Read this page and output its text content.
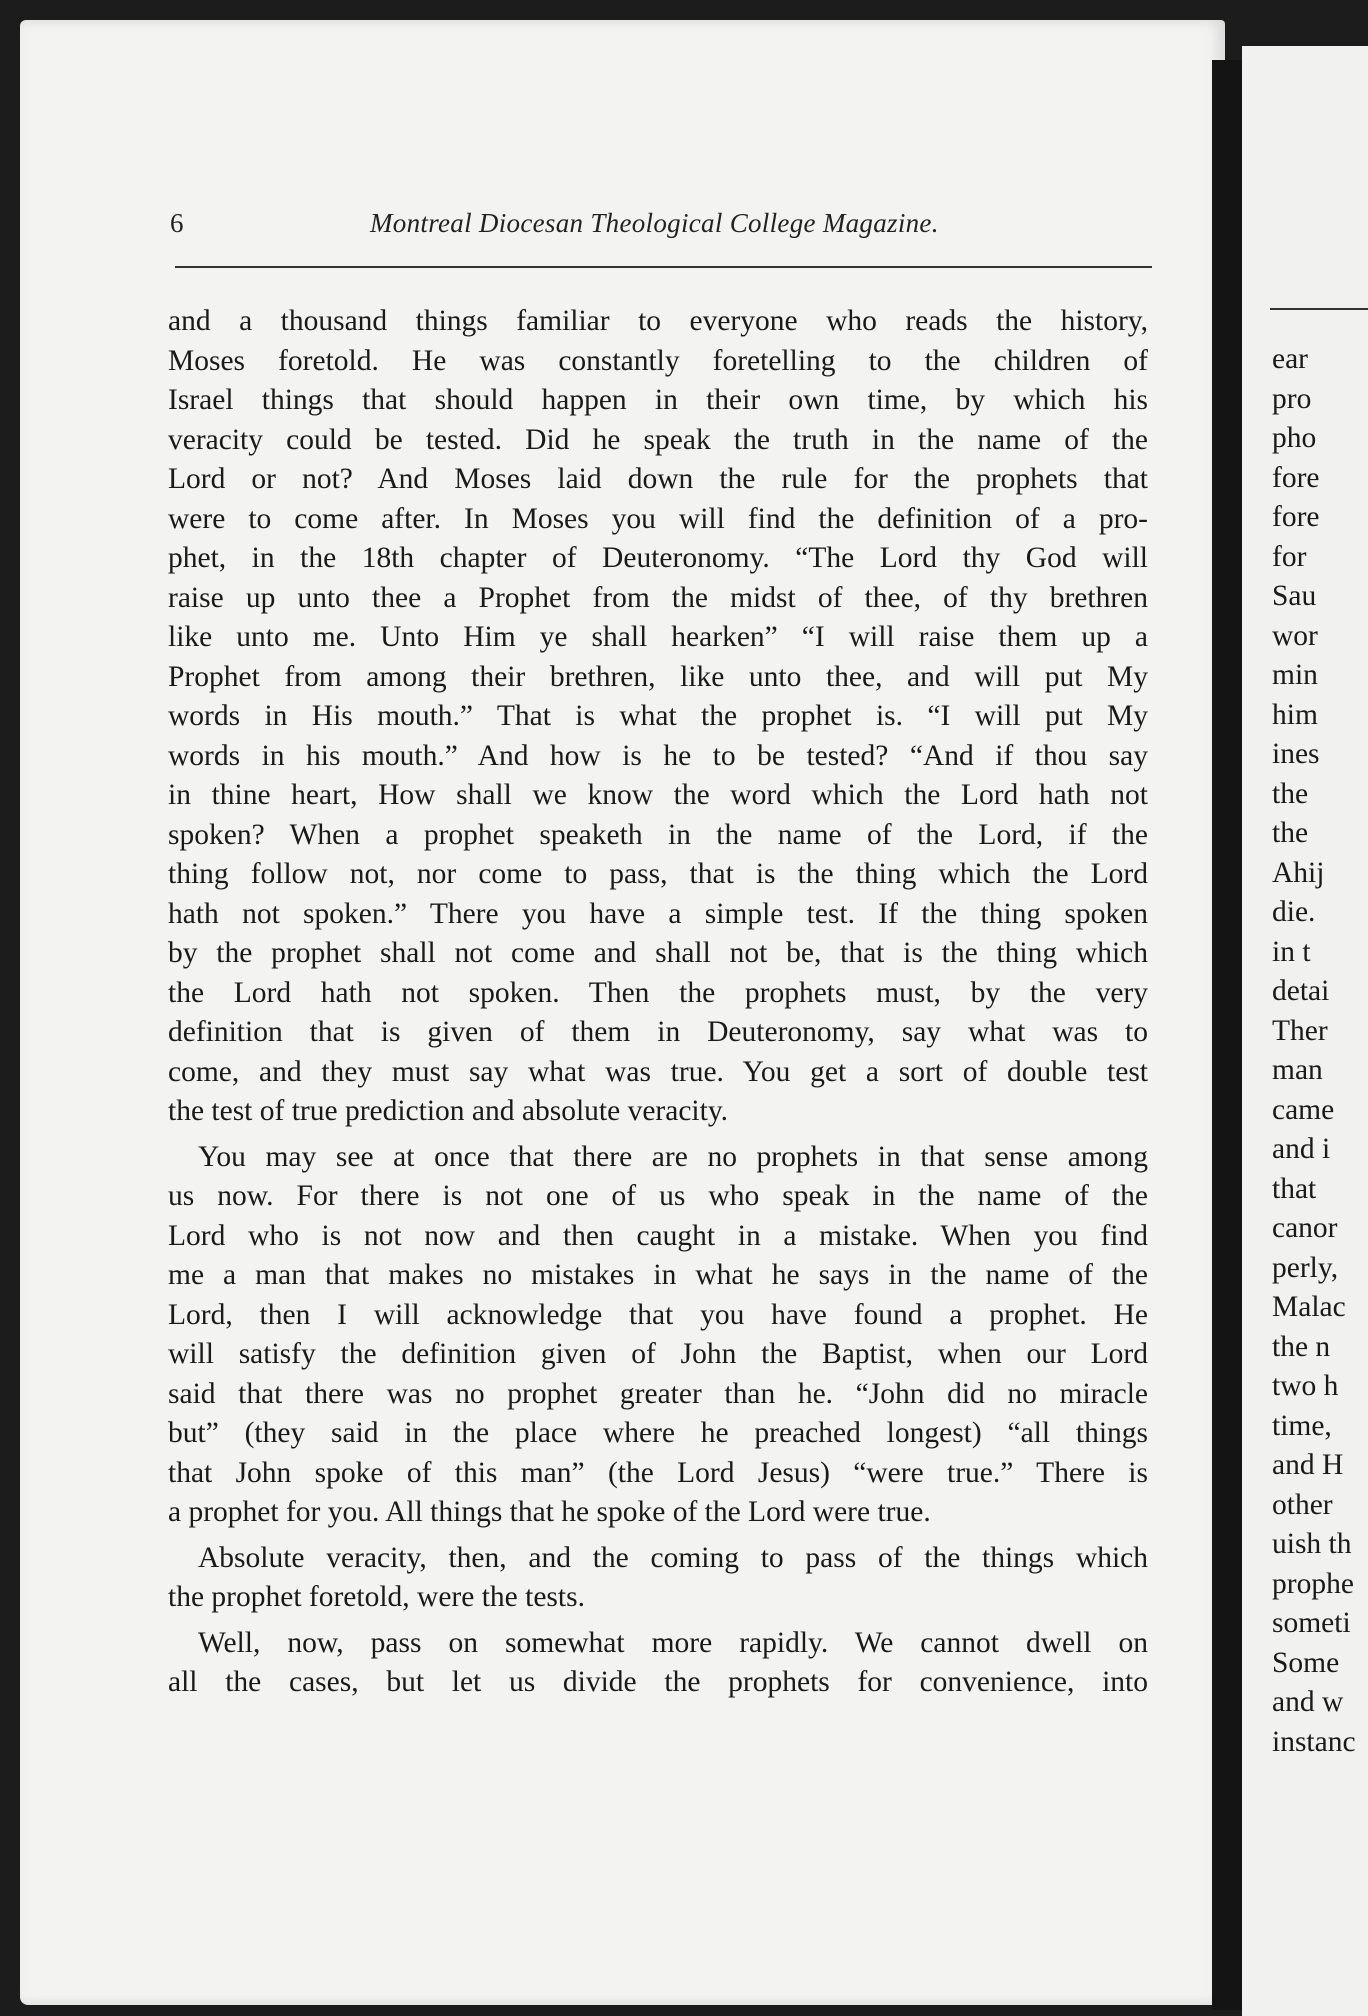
6	Montreal Diocesan Theological College Magazine.
and a thousand things familiar to everyone who reads the history,
Moses foretold. He was constantly foretelling to the children of
Israel things that should happen in their own time, by which his
veracity could be tested. Did he speak the truth in the name of the
Lord or not? And Moses laid down the rule for the prophets that
were to come after. In Moses you will find the definition of a pro-
phet, in the 18th chapter of Deuteronomy. “The Lord thy God will
raise up unto thee a Prophet from the midst of thee, of thy brethren
like unto me. Unto Him ye shall hearken” “I will raise them up a
Prophet from among their brethren, like unto thee, and will put My
words in His mouth.” That is what the prophet is. “I will put My
words in his mouth.” And how is he to be tested? “And if thou say
in thine heart, How shall we know the word which the Lord hath not
spoken? When a prophet speaketh in the name of the Lord, if the
thing follow not, nor come to pass, that is the thing which the Lord
hath not spoken.” There you have a simple test. If the thing spoken
by the prophet shall not come and shall not be, that is the thing which
the Lord hath not spoken. Then the prophets must, by the very
definition that is given of them in Deuteronomy, say what was to
come, and they must say what was true. You get a sort of double test
the test of true prediction and absolute veracity.
You may see at once that there are no prophets in that sense among
us now. For there is not one of us who speak in the name of the
Lord who is not now and then caught in a mistake. When you find
me a man that makes no mistakes in what he says in the name of the
Lord, then I will acknowledge that you have found a prophet. He
will satisfy the definition given of John the Baptist, when our Lord
said that there was no prophet greater than he. “John did no miracle
but” (they said in the place where he preached longest) “all things
that John spoke of this man” (the Lord Jesus) “were true.” There is
a prophet for you. All things that he spoke of the Lord were true.
Absolute veracity, then, and the coming to pass of the things which
the prophet foretold, were the tests.
Well, now, pass on somewhat more rapidly. We cannot dwell on
all the cases, but let us divide the prophets for convenience, into
ear
pro
pho
fore
fore
for
Sau
wor
min
him
ines
the
the
Ahij
die.
in t
detai
Ther
man
came
and i
that
canor
perly,
Malac
the n
two h
time,
and H
other
uish th
prophe
someti
Some
and w
instanc
